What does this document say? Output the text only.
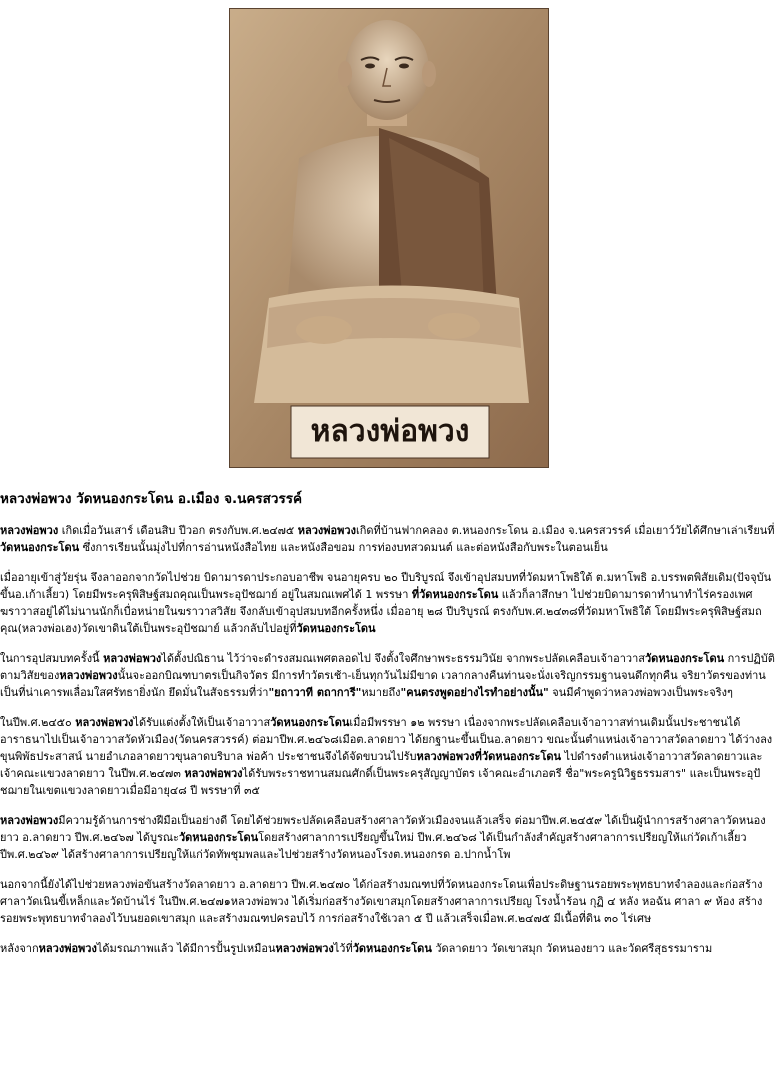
หลวงพ่อพวง
หลวงพ่อพวง วัดหนองกระโดน อ.เมือง จ.นครสวรรค์

หลวงพ่อพวง เกิดเมื่อวันเสาร์ เดือนสิบ ปีวอก ตรงกับพ.ศ.๒๔๗๕ หลวงพ่อพวงเกิดที่บ้านฟากคลอง ต.หนองกระโดน อ.เมือง จ.นครสวรรค์ เมื่อเยาว์วัยได้ศึกษาเล่าเรียนที่วัดหนองกระโดน ซึ่งการเรียนนั้นมุ่งไปที่การอ่านหนังสือไทย และหนังสือขอม การท่องบทสวดมนต์ และต่อหนังสือกับพระในตอนเย็น

เมื่ออายุเข้าสู่วัยรุ่น จึงลาออกจากวัดไปช่วย บิดามารดาประกอบอาชีพ จนอายุครบ ๒๐ ปีบริบูรณ์ จึงเข้าอุปสมบทที่วัดมหาโพธิใต้ ต.มหาโพธิ อ.บรรพตพิสัยเดิม(ปัจจุบันขึ้นอ.เก้าเลี้ยว) โดยมีพระครุพิสิษฐ์สมถคุณเป็นพระอุปัชฌาย์ อยู่ในสมณเพศได้ 1 พรรษา ที่วัดหนองกระโดน แล้วก็ลาสึกษา ไปช่วยบิดามารดาทำนาทำไร่ครองเพศฆราวาสอยู่ได้ไม่นานนักก็เบื่อหน่ายในฆราวาสวิสัย จึงกลับเข้าอุปสมบทอีกครั้งหนึ่ง เมื่ออายุ ๒๘ ปีบริบูรณ์ ตรงกับพ.ศ.๒๔๓๘ที่วัดมหาโพธิใต้ โดยมีพระครุพิสิษฐ์สมถคุณ(หลวงพ่อเฮง)วัดเขาดินใต้เป็นพระอุปัชฌาย์ แล้วกลับไปอยู่ที่วัดหนองกระโดน

ในการอุปสมบทครั้งนี้ หลวงพ่อพวงได้ตั้งปณิธาน ไว้ว่าจะดำรงสมณเพศตลอดไป จึงตั้งใจศึกษาพระธรรมวินัย จากพระปลัดเคลือบเจ้าอาวาสวัดหนองกระโดน การปฏิบัติตามวิสัยของหลวงพ่อพวงนั้นจะออกบิณฑบาตรเป็นกิจวัตร มีการทำวัตรเช้า-เย็นทุกวันไม่มีขาด เวลากลางคืนท่านจะนั่งเจริญกรรมฐานจนดึกทุกคืน จริยาวัตรของท่าน เป็นที่น่าเคารพเลื่อมใสศรัทธายิ่งนัก ยึดมั่นในสัจธรรมที่ว่า"ยถาวาที ตถาการี"หมายถึง"คนตรงพูดอย่างไรทำอย่างนั้น" จนมีคำพูดว่าหลวงพ่อพวงเป็นพระจริงๆ

ในปีพ.ศ.๒๔๕๐ หลวงพ่อพวงได้รับแต่งตั้งให้เป็นเจ้าอาวาสวัดหนองกระโดนเมื่อมีพรรษา ๑๒ พรรษา เนื่องจากพระปลัดเคลือบเจ้าอาวาสท่านเดิมนั้นประชาชนได้อาราธนาไปเป็นเจ้าอาวาสวัดหัวเมือง(วัดนครสวรรค์) ต่อมาปีพ.ศ.๒๔๖๘เมือต.ลาดยาว ได้ยกฐานะขึ้นเป็นอ.ลาดยาว ขณะนั้นตำแหน่งเจ้าอาวาสวัดลาดยาว ได้ว่างลง ขุนพิพัธประสาสน์ นายอำเภอลาดยาวขุนลาดบริบาล พ่อค้า ประชาชนจึงได้จัดขบวนไปรับหลวงพ่อพวงที่วัดหนองกระโดน ไปดำรงตำแหน่งเจ้าอาวาสวัดลาดยาวและเจ้าคณะแขวงลาดยาว ในปีพ.ศ.๒๔๗๓ หลวงพ่อพวงได้รับพระราชทานสมณศักดิ์เป็นพระครุสัญญาบัตร เจ้าคณะอำเภอตรี ชื่อ"พระครูนิวิฐธรรมสาร" และเป็นพระอุปัชฌายในเขตแขวงลาดยาวเมื่อมีอายุ๔๘ ปี พรรษาที่ ๓๕

หลวงพ่อพวงมีความรู้ด้านการช่างฝีมือเป็นอย่างดี โดยได้ช่วยพระปลัดเคลือบสร้างศาลาวัดหัวเมืองจนแล้วเสร็จ ต่อมาปีพ.ศ.๒๔๕๙ ได้เป็นผู้นำการสร้างศาลาวัดหนองยาว อ.ลาดยาว ปีพ.ศ.๒๔๖๗ ได้บูรณะวัดหนองกระโดนโดยสร้างศาลาการเปรียญขึ้นใหม่ ปีพ.ศ.๒๔๖๘ ได้เป็นกำลังสำคัญสร้างศาลาการเปรียญให้แก่วัดเก้าเลี้ยว ปีพ.ศ.๒๔๖๙ ได้สร้างศาลาการเปรียญให้แก่วัดทัพชุมพลและไปช่วยสร้างวัดหนองโรงต.หนองกรด อ.ปากน้ำโพ

นอกจากนี้ยังได้ไปช่วยหลวงพ่อขันสร้างวัดลาดยาว อ.ลาดยาว ปีพ.ศ.๒๔๗๐ ได้ก่อสร้างมณฑปที่วัดหนองกระโดนเพื่อประดิษฐานรอยพระพุทธบาทจำลองและก่อสร้างศาลาวัดเนินขี้เหล็กและวัดบ้านไร่ ในปีพ.ศ.๒๔๗๑หลวงพ่อพวง ได้เริ่มก่อสร้างวัดเขาสมุกโดยสร้างศาลาการเปรียญ โรงน้ำร้อน กุฏิ ๔ หลัง หอฉัน ศาลา ๙ ห้อง สร้างรอยพระพุทธบาทจำลองไว้บนยอดเขาสมุก และสร้างมณฑปครอบไว้ การก่อสร้างใช้เวลา ๕ ปี แล้วเสร็จเมื่อพ.ศ.๒๔๗๕ มีเนื้อที่ดิน ๓๐ ไร่เศษ

หลังจากหลวงพ่อพวงได้มรณภาพแล้ว ได้มีการปั้นรูปเหมือนหลวงพ่อพวงไว้ที่วัดหนองกระโดน วัดลาดยาว วัดเขาสมุก วัดหนองยาว และวัดศรีสุธรรมาราม
